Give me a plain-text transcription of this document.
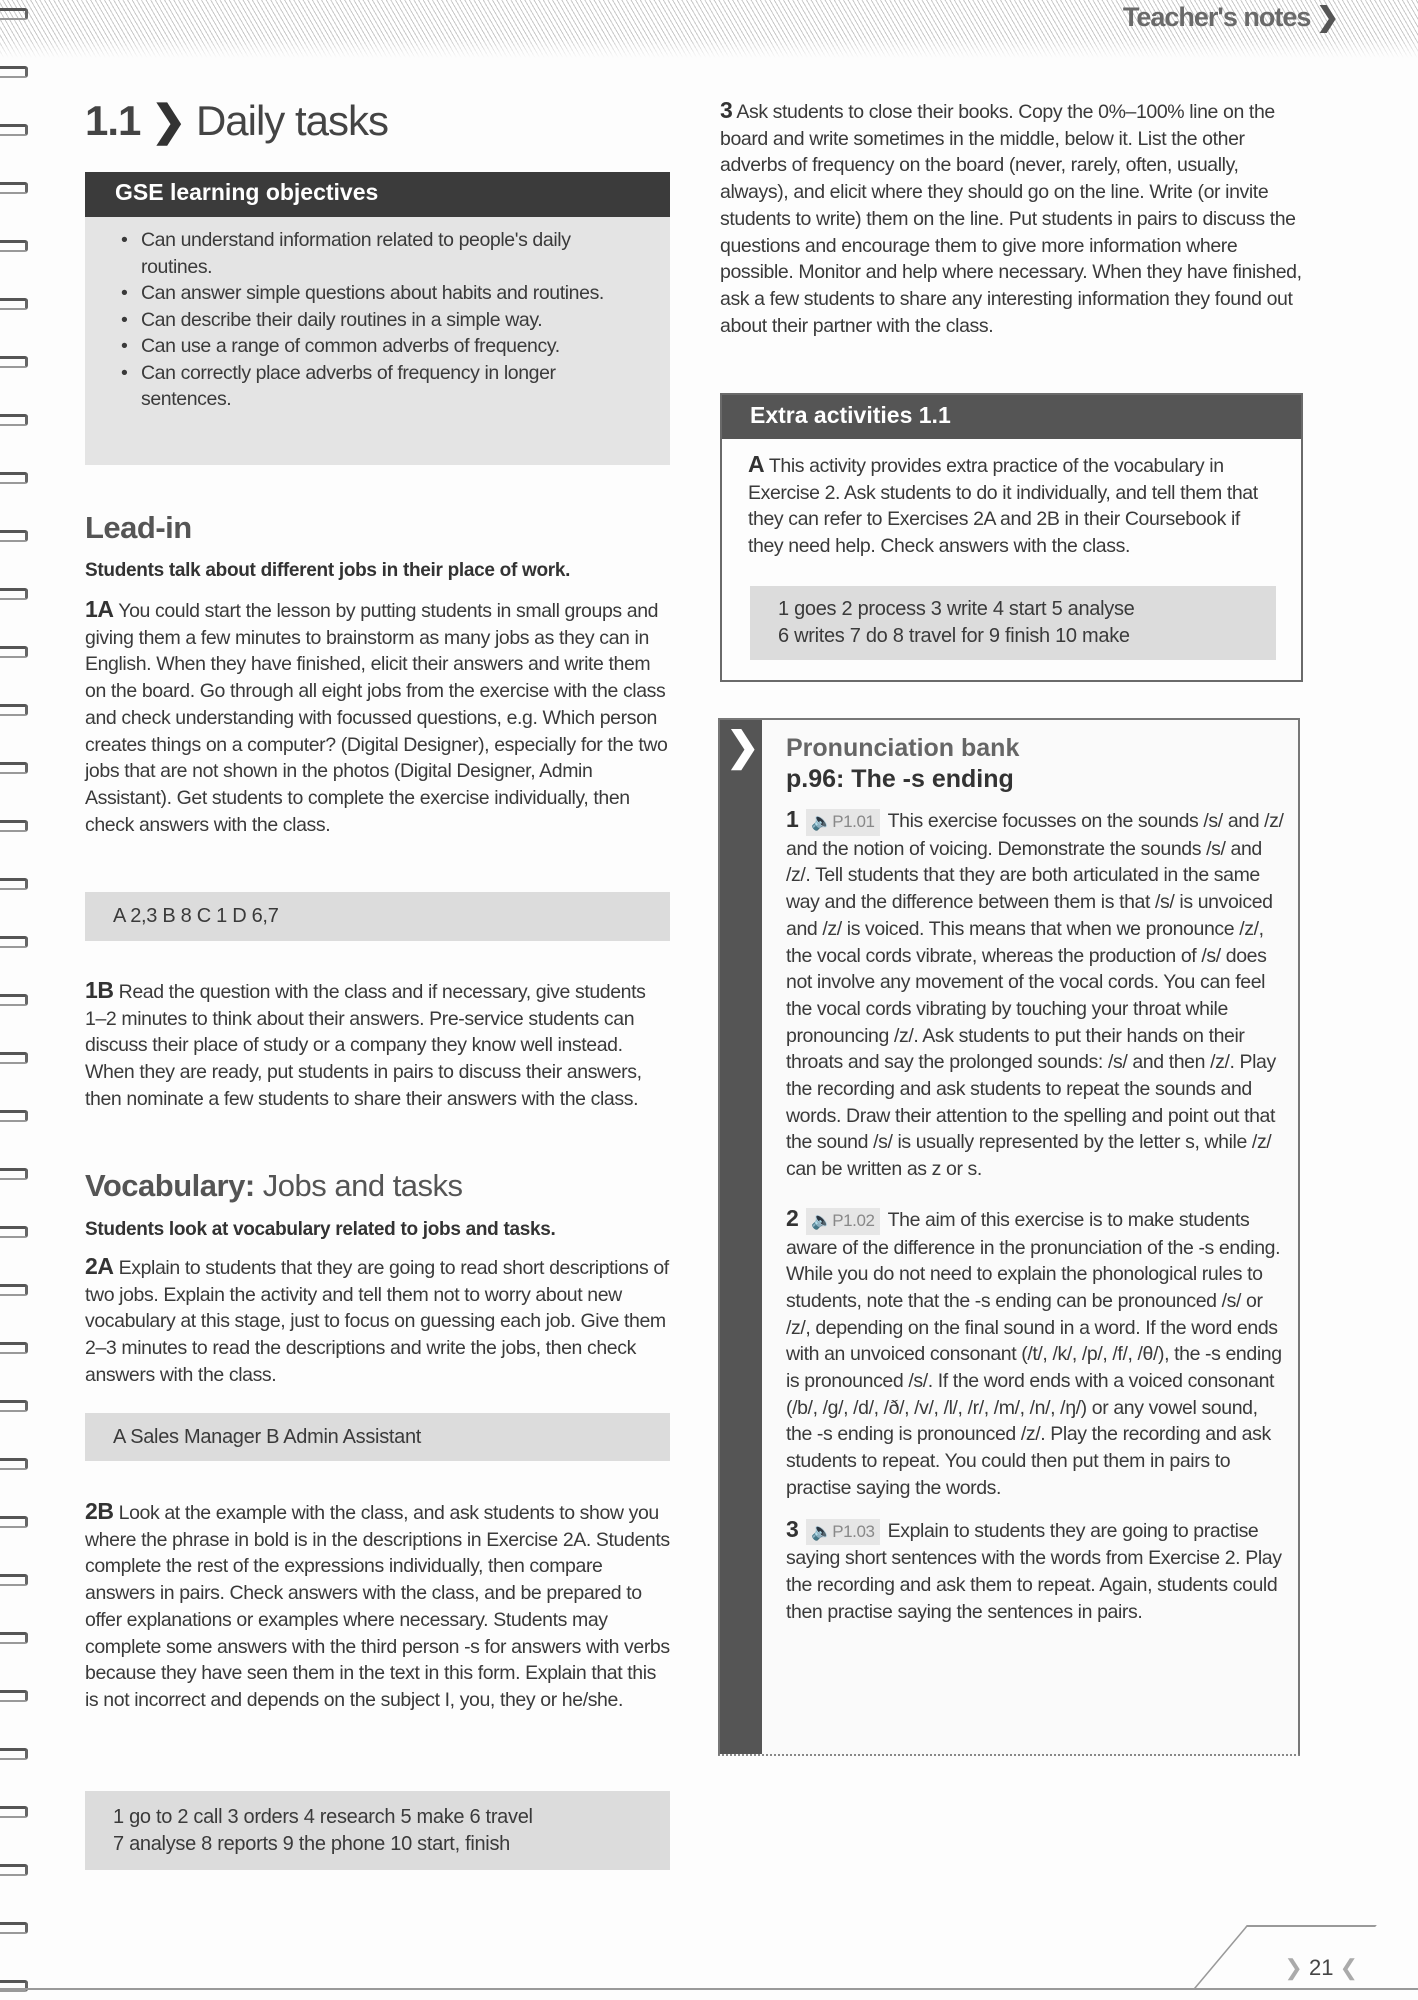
Teacher's notes ❯
1.1 ❯ Daily tasks
GSE learning objectives
• Can understand information related to people's daily routines.
• Can answer simple questions about habits and routines.
• Can describe their daily routines in a simple way.
• Can use a range of common adverbs of frequency.
• Can correctly place adverbs of frequency in longer sentences.
Lead-in
Students talk about different jobs in their place of work.

1A You could start the lesson by putting students in small groups and giving them a few minutes to brainstorm as many jobs as they can in English. When they have finished, elicit their answers and write them on the board. Go through all eight jobs from the exercise with the class and check understanding with focussed questions, e.g. Which person creates things on a computer? (Digital Designer), especially for the two jobs that are not shown in the photos (Digital Designer, Admin Assistant). Get students to complete the exercise individually, then check answers with the class.

A 2,3 B 8 C 1 D 6,7

1B Read the question with the class and if necessary, give students 1–2 minutes to think about their answers. Pre-service students can discuss their place of study or a company they know well instead. When they are ready, put students in pairs to discuss their answers, then nominate a few students to share their answers with the class.

Vocabulary: Jobs and tasks
Students look at vocabulary related to jobs and tasks.

2A Explain to students that they are going to read short descriptions of two jobs. Explain the activity and tell them not to worry about new vocabulary at this stage, just to focus on guessing each job. Give them 2–3 minutes to read the descriptions and write the jobs, then check answers with the class.

A Sales Manager B Admin Assistant

2B Look at the example with the class, and ask students to show you where the phrase in bold is in the descriptions in Exercise 2A. Students complete the rest of the expressions individually, then compare answers in pairs. Check answers with the class, and be prepared to offer explanations or examples where necessary. Students may complete some answers with the third person -s for answers with verbs because they have seen them in the text in this form. Explain that this is not incorrect and depends on the subject I, you, they or he/she.

1 go to 2 call 3 orders 4 research 5 make 6 travel
7 analyse 8 reports 9 the phone 10 start, finish

3 Ask students to close their books. Copy the 0%–100% line on the board and write sometimes in the middle, below it. List the other adverbs of frequency on the board (never, rarely, often, usually, always), and elicit where they should go on the line. Write (or invite students to write) them on the line. Put students in pairs to discuss the questions and encourage them to give more information where possible. Monitor and help where necessary. When they have finished, ask a few students to share any interesting information they found out about their partner with the class.

Extra activities 1.1

A This activity provides extra practice of the vocabulary in Exercise 2. Ask students to do it individually, and tell them that they can refer to Exercises 2A and 2B in their Coursebook if they need help. Check answers with the class.

1 goes 2 process 3 write 4 start 5 analyse
6 writes 7 do 8 travel for 9 finish 10 make
❯ Pronunciation bank
p.96: The -s ending

1 🔈P1.01 This exercise focusses on the sounds /s/ and /z/ and the notion of voicing. Demonstrate the sounds /s/ and /z/. Tell students that they are both articulated in the same way and the difference between them is that /s/ is unvoiced and /z/ is voiced. This means that when we pronounce /z/, the vocal cords vibrate, whereas the production of /s/ does not involve any movement of the vocal cords. You can feel the vocal cords vibrating by touching your throat while pronouncing /z/. Ask students to put their hands on their throats and say the prolonged sounds: /s/ and then /z/. Play the recording and ask students to repeat the sounds and words. Draw their attention to the spelling and point out that the sound /s/ is usually represented by the letter s, while /z/ can be written as z or s.

2 🔈P1.02 The aim of this exercise is to make students aware of the difference in the pronunciation of the -s ending. While you do not need to explain the phonological rules to students, note that the -s ending can be pronounced /s/ or /z/, depending on the final sound in a word. If the word ends with an unvoiced consonant (/t/, /k/, /p/, /f/, /θ/), the -s ending is pronounced /s/. If the word ends with a voiced consonant (/b/, /g/, /d/, /ð/, /v/, /l/, /r/, /m/, /n/, /ŋ/) or any vowel sound, the -s ending is pronounced /z/. Play the recording and ask students to repeat. You could then put them in pairs to practise saying the words.

3 🔈P1.03 Explain to students they are going to practise saying short sentences with the words from Exercise 2. Play the recording and ask them to repeat. Again, students could then practise saying the sentences in pairs.

❯ 21 ❮
